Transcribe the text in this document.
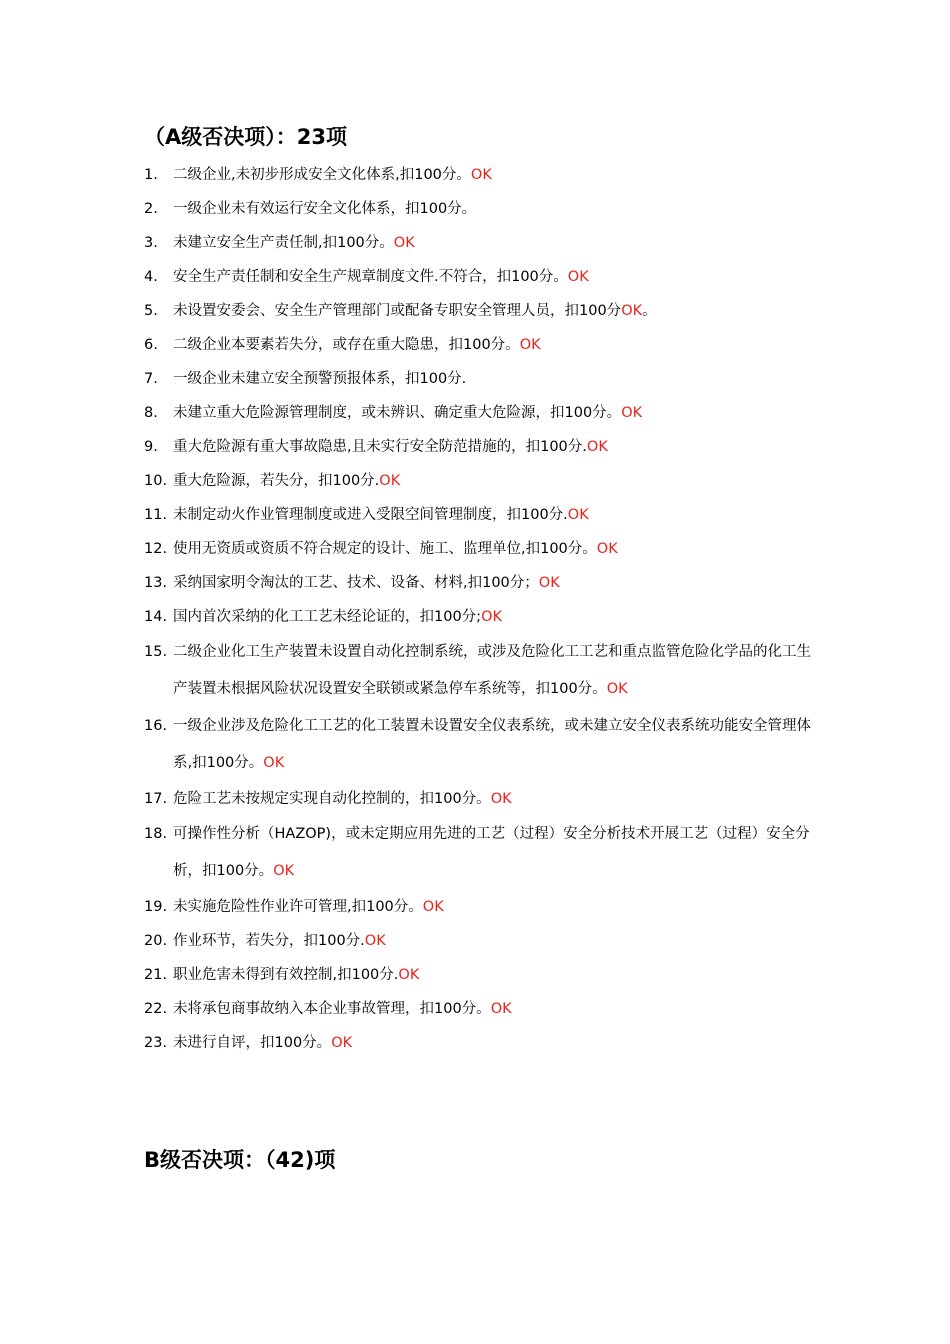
（A级否决项）：23项
1. 二级企业,未初步形成安全文化体系,扣100分。OK
2. 一级企业未有效运行安全文化体系，扣100分。
3. 未建立安全生产责任制,扣100分。OK
4. 安全生产责任制和安全生产规章制度文件.不符合，扣100分。OK
5. 未设置安委会、安全生产管理部门或配备专职安全管理人员，扣100分OK。
6. 二级企业本要素若失分，或存在重大隐患，扣100分。OK
7. 一级企业未建立安全预警预报体系，扣100分.
8. 未建立重大危险源管理制度，或未辨识、确定重大危险源，扣100分。OK
9. 重大危险源有重大事故隐患,且未实行安全防范措施的，扣100分.OK
10. 重大危险源，若失分，扣100分.OK
11. 未制定动火作业管理制度或进入受限空间管理制度，扣100分.OK
12. 使用无资质或资质不符合规定的设计、施工、监理单位,扣100分。OK
13. 采纳国家明令淘汰的工艺、技术、设备、材料,扣100分；OK
14. 国内首次采纳的化工工艺未经论证的，扣100分;OK
15. 二级企业化工生产装置未设置自动化控制系统，或涉及危险化工工艺和重点监管危险化学品的化工生产装置未根据风险状况设置安全联锁或紧急停车系统等，扣100分。OK
16. 一级企业涉及危险化工工艺的化工装置未设置安全仪表系统，或未建立安全仪表系统功能安全管理体系,扣100分。OK
17. 危险工艺未按规定实现自动化控制的，扣100分。OK
18. 可操作性分析（HAZOP)，或未定期应用先进的工艺（过程）安全分析技术开展工艺（过程）安全分析，扣100分。OK
19. 未实施危险性作业许可管理,扣100分。OK
20. 作业环节，若失分，扣100分.OK
21. 职业危害未得到有效控制,扣100分.OK
22. 未将承包商事故纳入本企业事故管理，扣100分。OK
23. 未进行自评，扣100分。OK
B级否决项：（42)项
